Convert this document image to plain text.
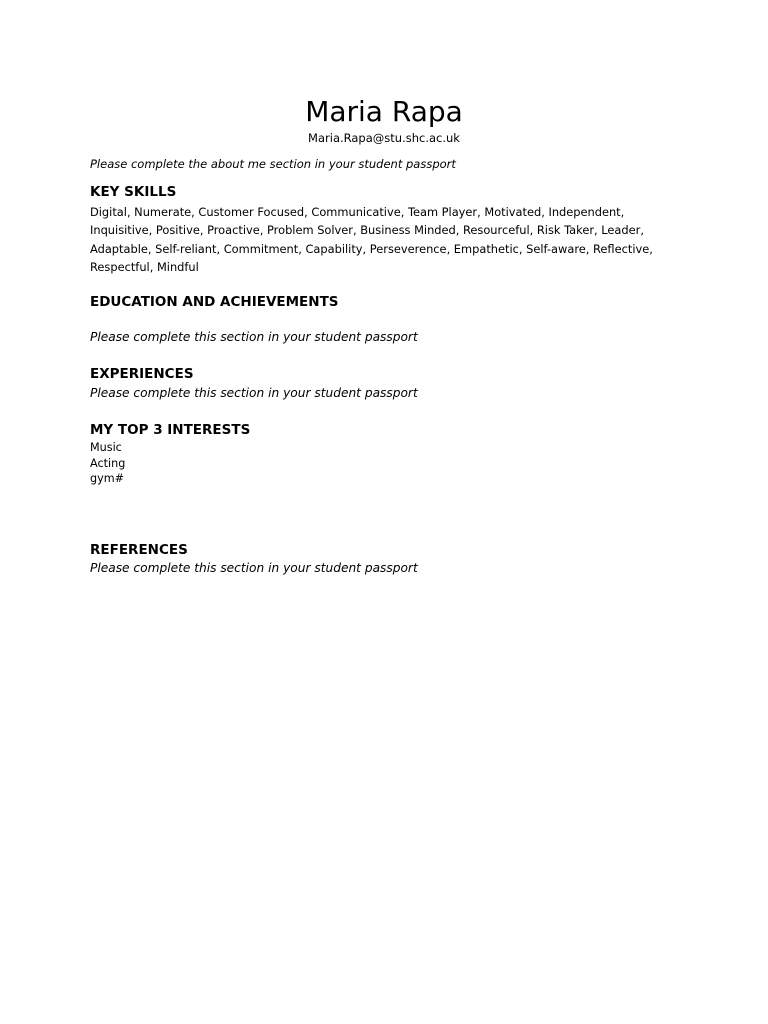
Maria Rapa

Maria.Rapa@stu.shc.ac.uk

Please complete the about me section in your student passport

KEY SKILLS

Digital, Numerate, Customer Focused, Communicative, Team Player, Motivated, Independent, Inquisitive, Positive, Proactive, Problem Solver, Business Minded, Resourceful, Risk Taker, Leader, Adaptable, Self-reliant, Commitment, Capability, Perseverence, Empathetic, Self-aware, Reflective, Respectful, Mindful

EDUCATION AND ACHIEVEMENTS

Please complete this section in your student passport

EXPERIENCES

Please complete this section in your student passport

MY TOP 3 INTERESTS
Music
Acting
gym#
REFERENCES

Please complete this section in your student passport
